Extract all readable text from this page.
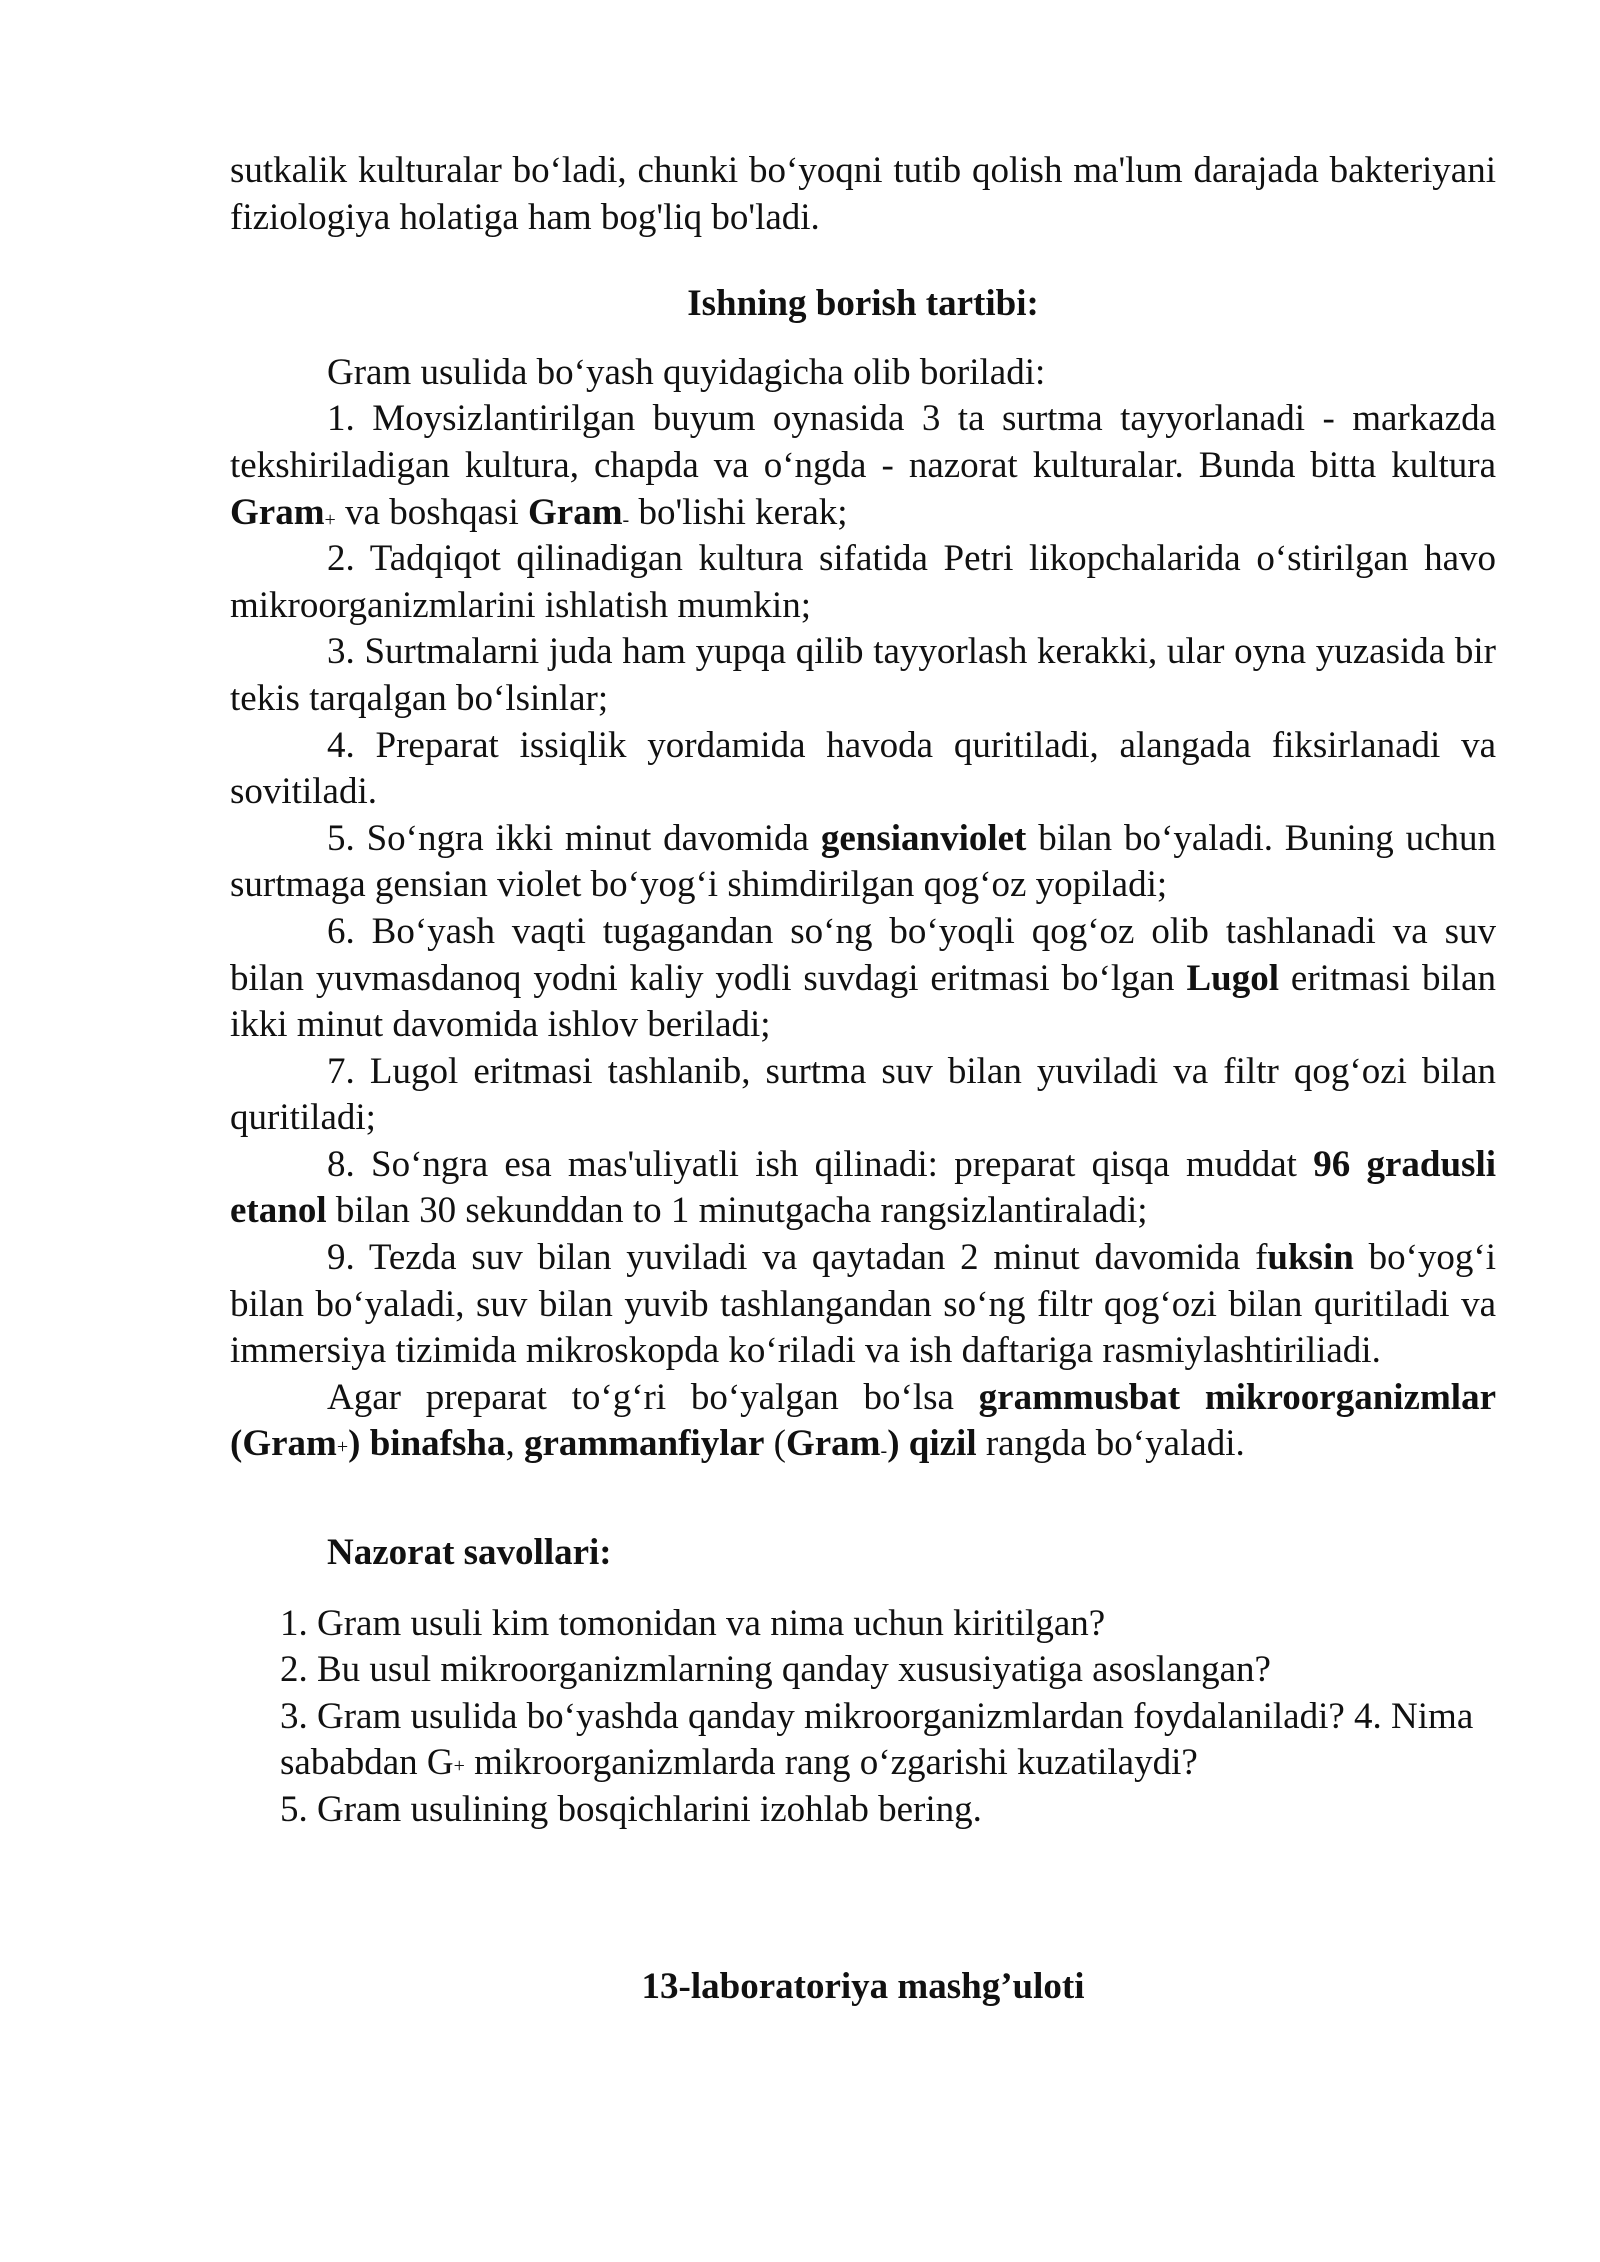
sutkalik kulturalar bo‘ladi, chunki bo‘yoqni tutib qolish ma'lum darajada bakteriyani fiziologiya holatiga ham bog'liq bo'ladi.

Ishning borish tartibi:

Gram usulida bo‘yash quyidagicha olib boriladi:

1. Moysizlantirilgan buyum oynasida 3 ta surtma tayyorlanadi - markazda tekshiriladigan kultura, chapda va o‘ngda - nazorat kulturalar. Bunda bitta kultura Gram$_+$ va boshqasi Gram$_-$ bo'lishi kerak;

2. Tadqiqot qilinadigan kultura sifatida Petri likopchalarida o‘stirilgan havo mikroorganizmlarini ishlatish mumkin;

3. Surtmalarni juda ham yupqa qilib tayyorlash kerakki, ular oyna yuzasida bir tekis tarqalgan bo‘lsinlar;

4. Preparat issiqlik yordamida havoda quritiladi, alangada fiksirlanadi va sovitiladi.

5. So‘ngra ikki minut davomida gensianviolet bilan bo‘yaladi. Buning uchun surtmaga gensian violet bo‘yog‘i shimdirilgan qog‘oz yopiladi;

6. Bo‘yash vaqti tugagandan so‘ng bo‘yoqli qog‘oz olib tashlanadi va suv bilan yuvmasdanoq yodni kaliy yodli suvdagi eritmasi bo‘lgan Lugol eritmasi bilan ikki minut davomida ishlov beriladi;

7. Lugol eritmasi tashlanib, surtma suv bilan yuviladi va filtr qog‘ozi bilan quritiladi;

8. So‘ngra esa mas'uliyatli ish qilinadi: preparat qisqa muddat 96 gradusli etanol bilan 30 sekunddan to 1 minutgacha rangsizlantiraladi;

9. Tezda suv bilan yuviladi va qaytadan 2 minut davomida fuksin bo‘yog‘i bilan bo‘yaladi, suv bilan yuvib tashlangandan so‘ng filtr qog‘ozi bilan quritiladi va immersiya tizimida mikroskopda ko‘riladi va ish daftariga rasmiylashtiriliadi.

Agar preparat to‘g‘ri bo‘yalgan bo‘lsa grammusbat mikroorganizmlar (Gram+) binafsha, grammanfiylar (Gram$_-$) qizil rangda bo‘yaladi.

Nazorat savollari:

1. Gram usuli kim tomonidan va nima uchun kiritilgan?

2. Bu usul mikroorganizmlarning qanday xususiyatiga asoslangan?

3. Gram usulida bo‘yashda qanday mikroorganizmlardan foydalaniladi? 4. Nima sababdan G+ mikroorganizmlarda rang o‘zgarishi kuzatilaydi?

5. Gram usulining bosqichlarini izohlab bering.

13-laboratoriya mashg’uloti
